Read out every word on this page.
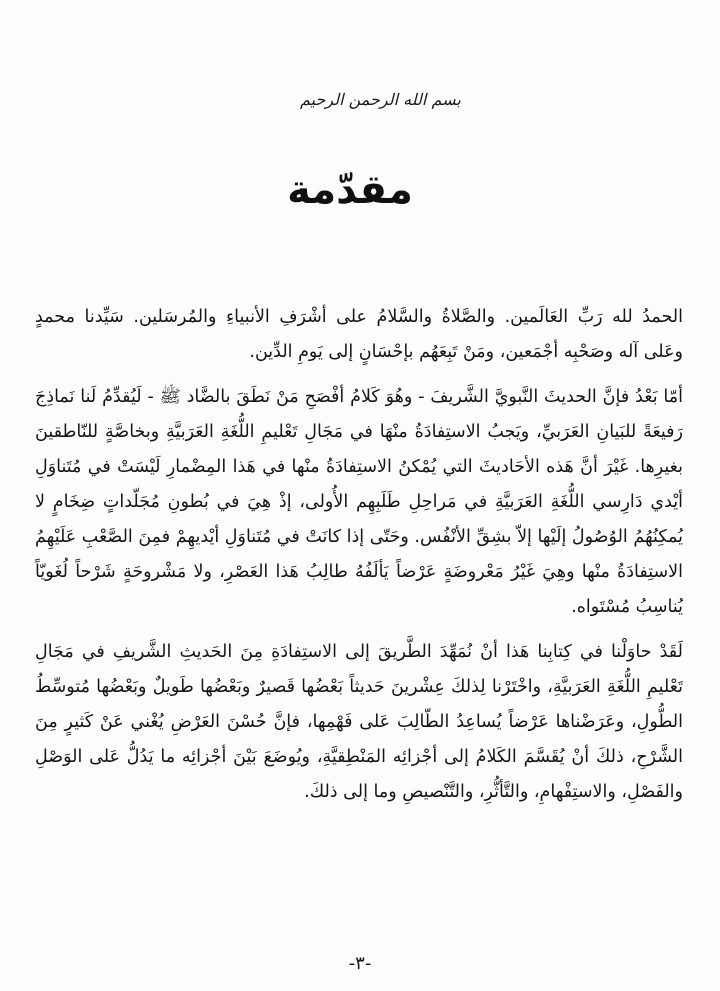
بسم الله الرحمن الرحيم
مقدّمة

الحمدُ لله رَبِّ العَالَمين. والصَّلاةُ والسَّلامُ على أشْرَفِ الأنبياءِ والمُرسَلين. سَيِّدنا محمدٍ وعَلى آله وصَحْبِه أجْمَعين، ومَنْ تَبِعَهُم بإحْسَانٍ إلى يَومِ الدِّين.

أمّا بَعْدُ فإنَّ الحديثَ النَّبويَّ الشَّريفَ - وهُوَ كَلامُ أفْصَحِ مَنْ نَطَقَ بالضَّاد ﷺ - لَيُقدِّمُ لَنا نَماذِجَ رَفيعَةً للبَيانِ العَرَبيِّ، ويَجبُ الاستِفادَةُ منْهَا في مَجَالِ تَعْليمِ اللُّغَةِ العَرَبيَّةِ وبخاصَّةٍ للنّاطقينَ بغيرِها. غَيْرَ أنَّ هَذه الأحَاديثَ التي يُمْكنُ الاستِفادَةُ منْها في هَذا المِضْمارِ لَيْسَتْ في مُتَناوَلِ أيْدي دَارِسي اللُّغَةِ العَرَبيَّةِ في مَراحِلِ طَلَبِهِم الأُولى، إذْ هِيَ في بُطونِ مُجَلّداتٍ ضِخَامٍ لا يُمكِنُهُمُ الوُصُولُ إلَيْها إلاّ بشِقِّ الأنْفُس. وحَتّى إذا كانَتْ في مُتَناوَلِ أيْديهِمْ فمِنَ الصَّعْبِ عَلَيْهِمُ الاستِفادَةُ منْها وهِيَ غَيْرُ مَعْروضَةٍ عَرْضاً يَألَفُهُ طالِبُ هَذا العَصْرِ، ولا مَشْروحَةٍ شَرْحاً لُغَويّاً يُناسِبُ مُسْتَواه.

لَقَدْ حاوَلْنا في كِتابِنا هَذا أنْ نُمَهِّدَ الطَّريقَ إلى الاستِفادَةِ مِنَ الحَديثِ الشَّريفِ في مَجَالِ تَعْليمِ اللُّغَةِ العَرَبيَّةِ، واخْتَرْنا لِذلكَ عِشْرينَ حَديثاً بَعْضُها قَصيرٌ وبَعْضُها طَويلٌ وبَعْضُها مُتوسِّطُ الطُّولِ، وعَرَضْناها عَرْضاً يُساعِدُ الطّالِبَ عَلى فَهْمِها، فإنَّ حُسْنَ العَرْضِ يُغْني عَنْ كَثيرٍ مِنَ الشَّرْحِ، ذلكَ أنْ يُقَسَّمَ الكَلامُ إلى أجْزائِه المَنْطِقيَّةِ، ويُوضَعَ بَيْنَ أجْزائِه ما يَدُلُّ عَلى الوَصْلِ والفَصْلِ، والاستِفْهامِ، والتَّأثُّرِ، والتَّنْصيصِ وما إلى ذلكَ.

-٣-
